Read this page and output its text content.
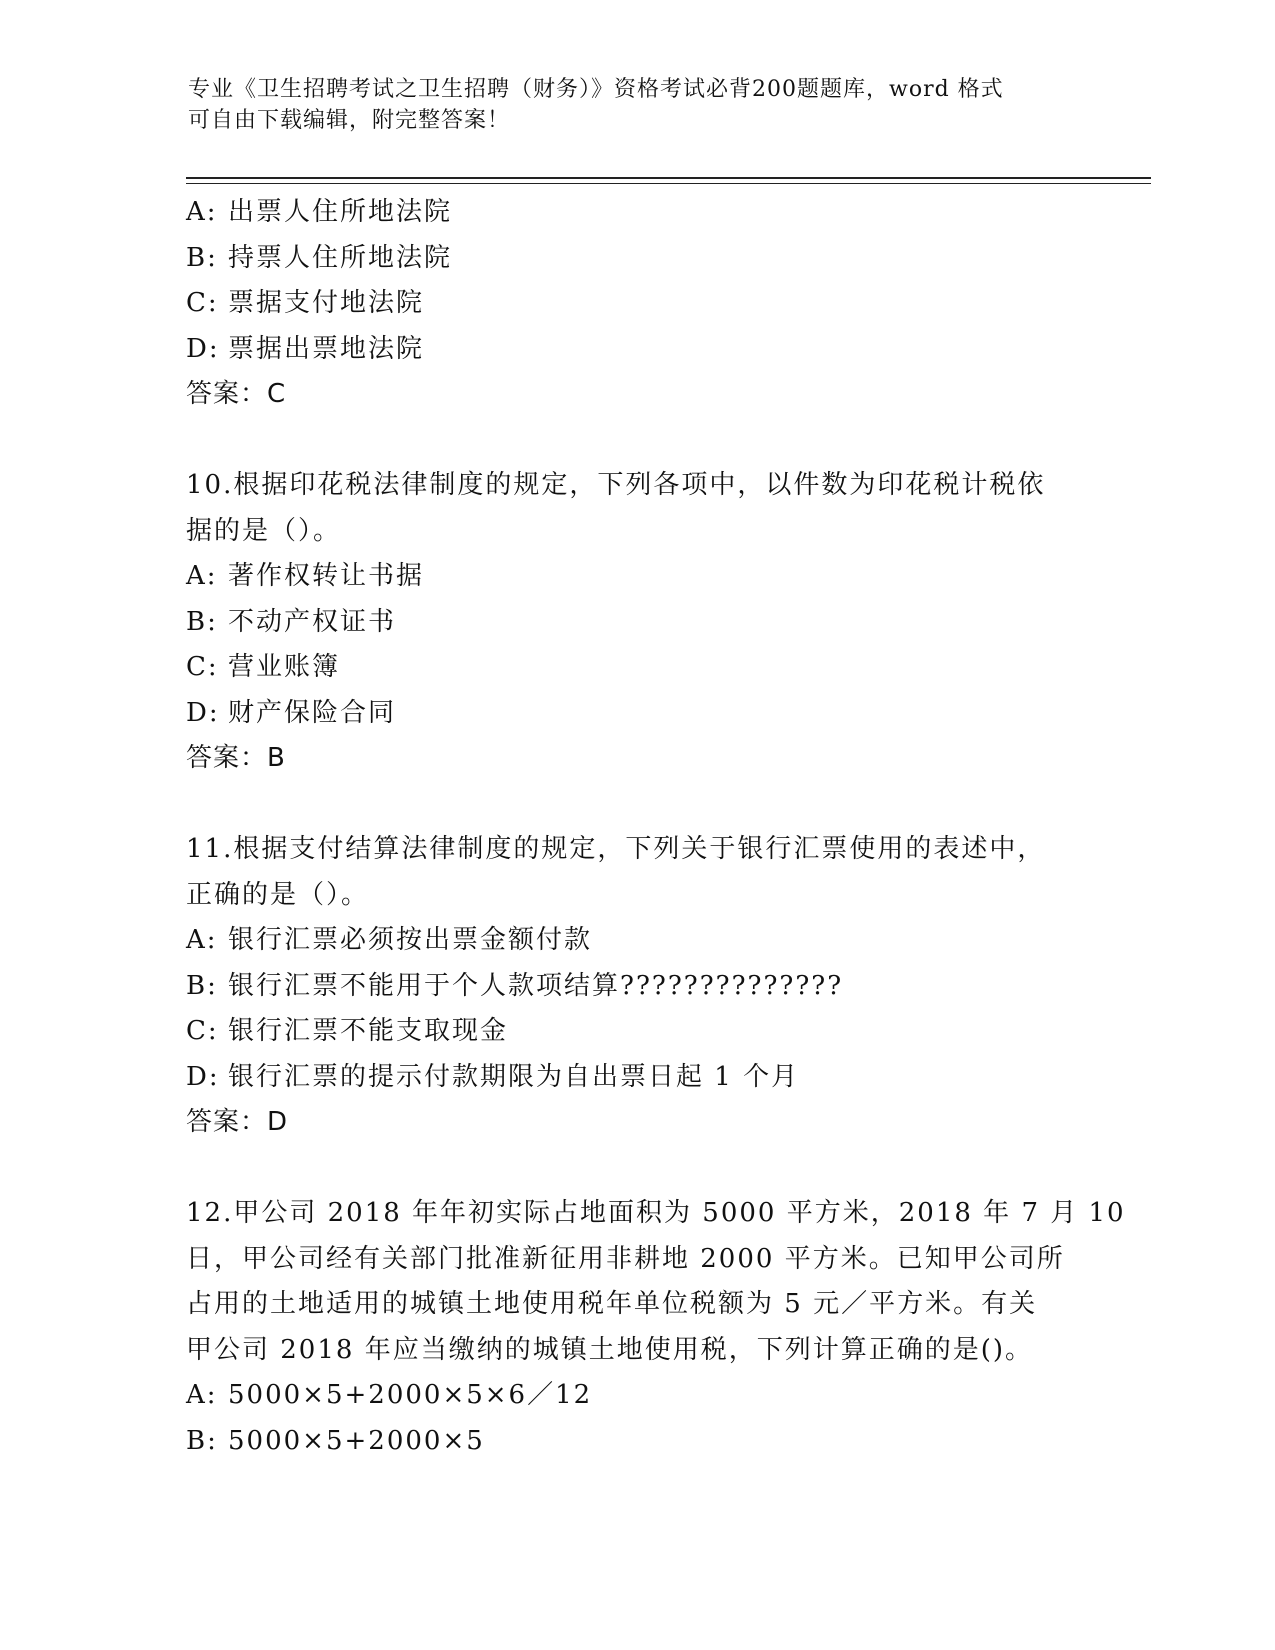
专业《卫生招聘考试之卫生招聘（财务）》资格考试必背200题题库，word 格式
可自由下载编辑，附完整答案！
A: 出票人住所地法院
B: 持票人住所地法院
C: 票据支付地法院
D: 票据出票地法院
答案：C
10.根据印花税法律制度的规定，下列各项中，以件数为印花税计税依
据的是（）。
A: 著作权转让书据
B: 不动产权证书
C: 营业账簿
D: 财产保险合同
答案：B
11.根据支付结算法律制度的规定，下列关于银行汇票使用的表述中，
正确的是（）。
A: 银行汇票必须按出票金额付款
B: 银行汇票不能用于个人款项结算??????????????
C: 银行汇票不能支取现金
D: 银行汇票的提示付款期限为自出票日起 1 个月
答案：D
12.甲公司 2018 年年初实际占地面积为 5000 平方米，2018 年 7 月 10
日，甲公司经有关部门批准新征用非耕地 2000 平方米。已知甲公司所
占用的土地适用的城镇土地使用税年单位税额为 5 元／平方米。有关
甲公司 2018 年应当缴纳的城镇土地使用税，下列计算正确的是()。
A: 5000×5+2000×5×6／12
B: 5000×5+2000×5
